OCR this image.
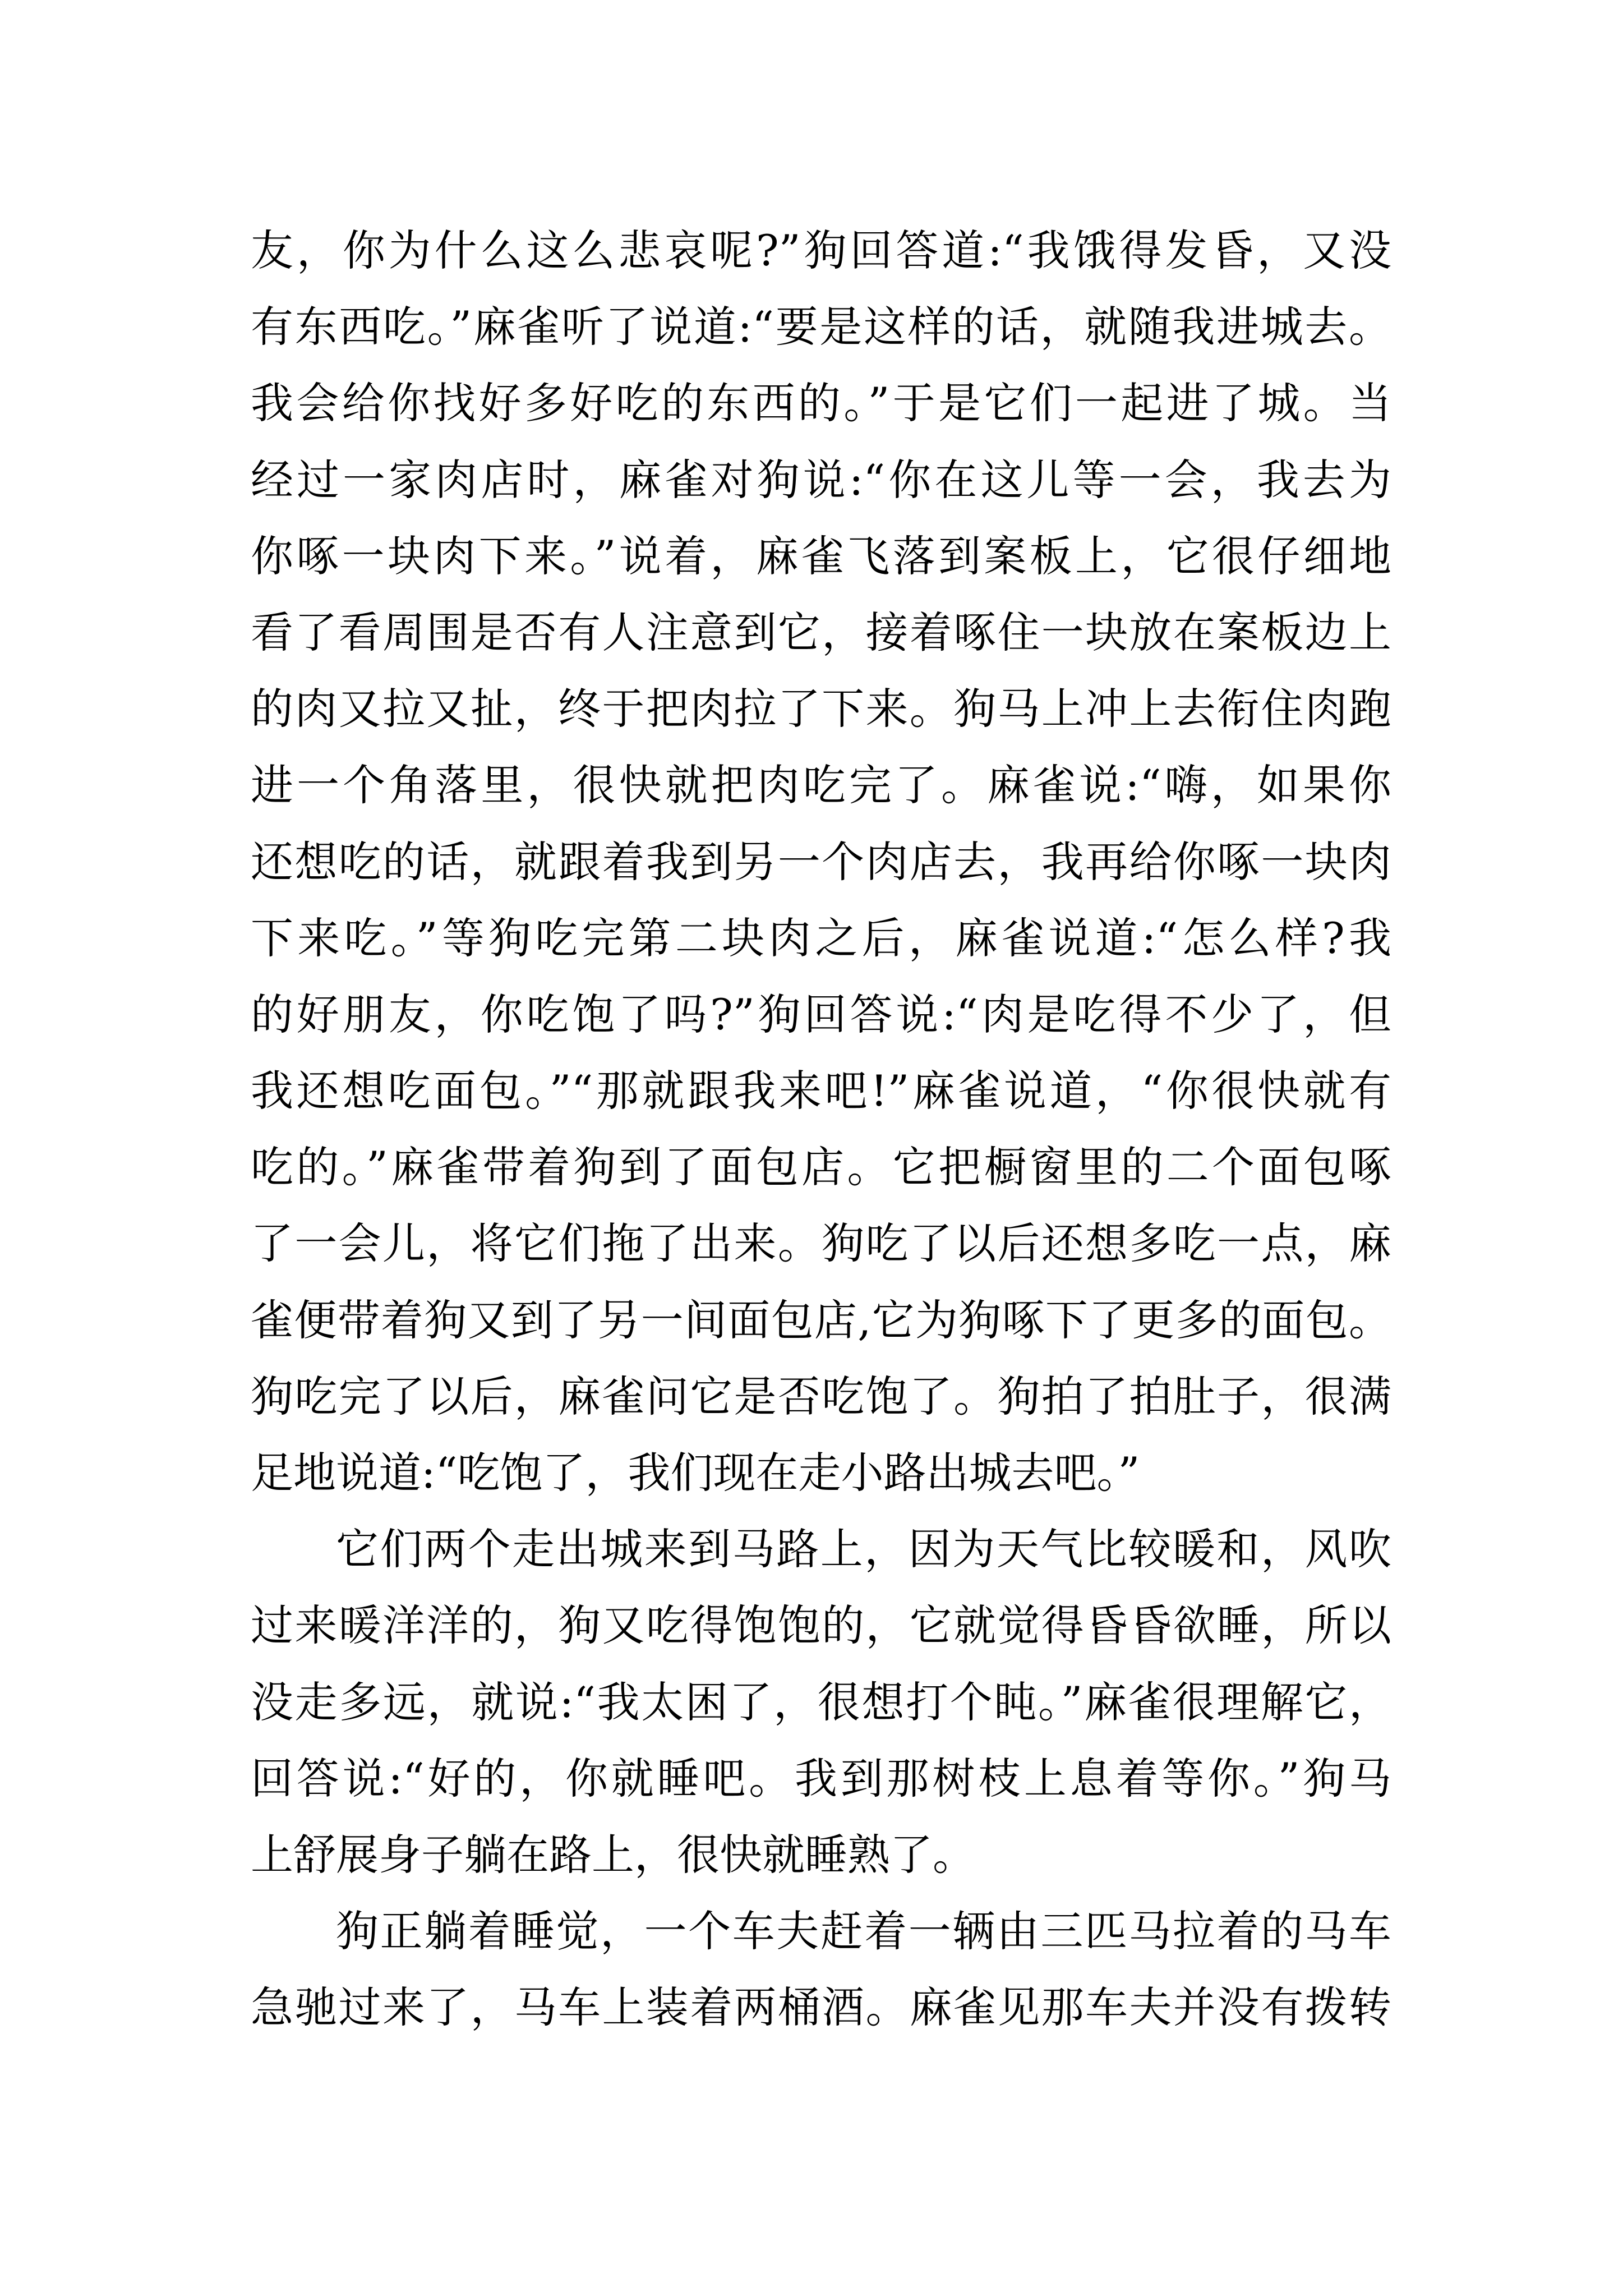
友，你为什么这么悲哀呢?”狗回答道:“我饿得发昏，又没
有东西吃。”麻雀听了说道:“要是这样的话，就随我进城去。
我会给你找好多好吃的东西的。”于是它们一起进了城。当
经过一家肉店时，麻雀对狗说:“你在这儿等一会，我去为
你啄一块肉下来。”说着，麻雀飞落到案板上，它很仔细地
看了看周围是否有人注意到它，接着啄住一块放在案板边上
的肉又拉又扯，终于把肉拉了下来。狗马上冲上去衔住肉跑
进一个角落里，很快就把肉吃完了。麻雀说:“嗨，如果你
还想吃的话，就跟着我到另一个肉店去，我再给你啄一块肉
下来吃。”等狗吃完第二块肉之后，麻雀说道:“怎么样?我
的好朋友，你吃饱了吗?”狗回答说:“肉是吃得不少了，但
我还想吃面包。”“那就跟我来吧!”麻雀说道，“你很快就有
吃的。”麻雀带着狗到了面包店。它把橱窗里的二个面包啄
了一会儿，将它们拖了出来。狗吃了以后还想多吃一点，麻
雀便带着狗又到了另一间面包店,它为狗啄下了更多的面包。
狗吃完了以后，麻雀问它是否吃饱了。狗拍了拍肚子，很满
足地说道:“吃饱了，我们现在走小路出城去吧。”
它们两个走出城来到马路上，因为天气比较暖和，风吹
过来暖洋洋的，狗又吃得饱饱的，它就觉得昏昏欲睡，所以
没走多远，就说:“我太困了，很想打个盹。”麻雀很理解它，
回答说:“好的，你就睡吧。我到那树枝上息着等你。”狗马
上舒展身子躺在路上，很快就睡熟了。
狗正躺着睡觉，一个车夫赶着一辆由三匹马拉着的马车
急驰过来了，马车上装着两桶酒。麻雀见那车夫并没有拨转
